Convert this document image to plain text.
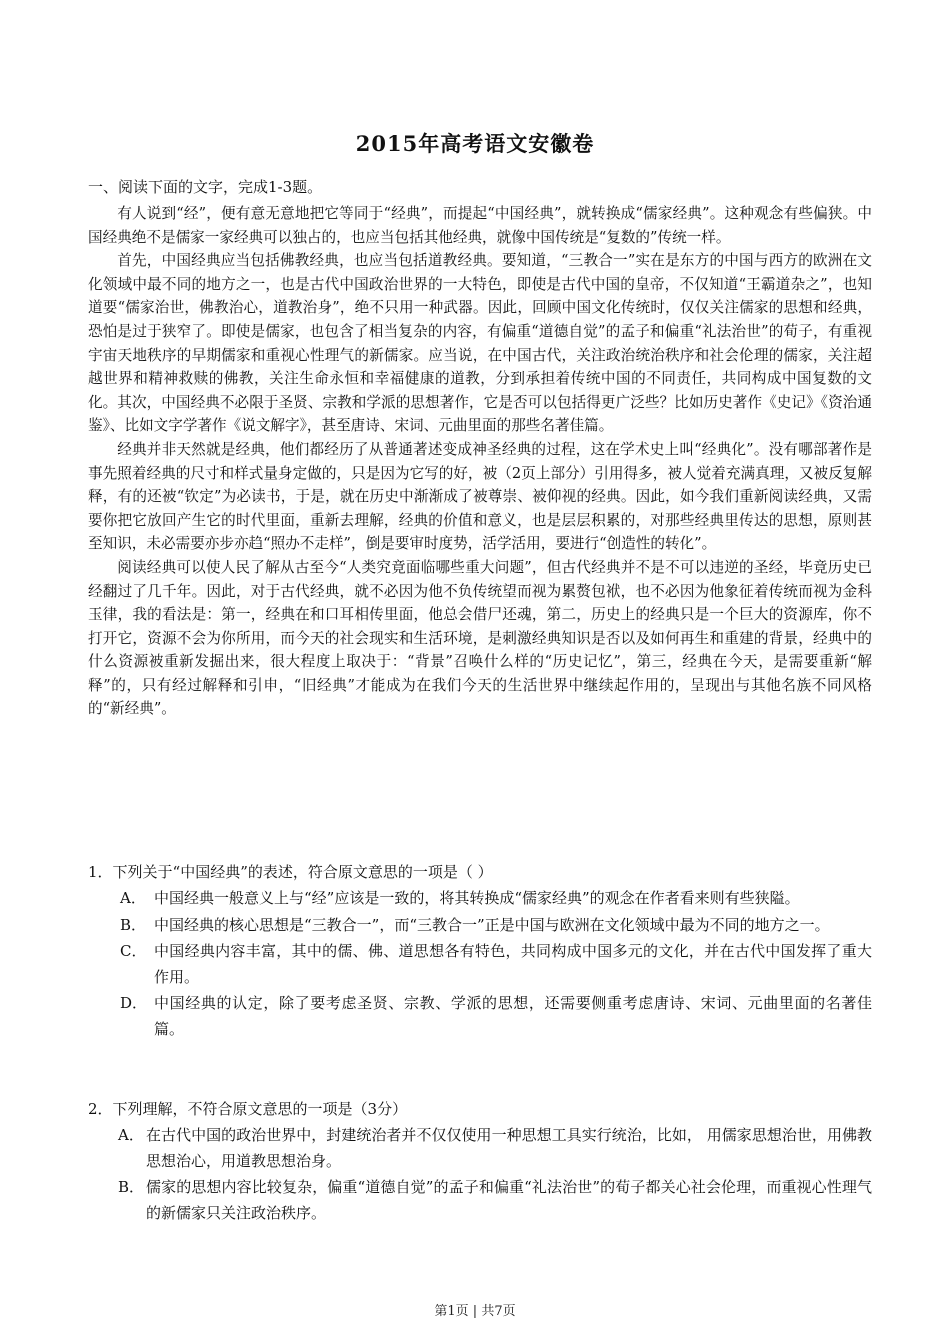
2015年高考语文安徽卷
一、阅读下面的文字，完成1-3题。

有人说到“经”，便有意无意地把它等同于“经典”，而提起“中国经典”，就转换成“儒家经典”。这种观念有些偏狭。中国经典绝不是儒家一家经典可以独占的，也应当包括其他经典，就像中国传统是“复数的”传统一样。

首先，中国经典应当包括佛教经典，也应当包括道教经典。要知道，“三教合一”实在是东方的中国与西方的欧洲在文化领域中最不同的地方之一，也是古代中国政治世界的一大特色，即使是古代中国的皇帝，不仅知道“王霸道杂之”，也知道要“儒家治世，佛教治心，道教治身”，绝不只用一种武器。因此，回顾中国文化传统时，仅仅关注儒家的思想和经典，恐怕是过于狭窄了。即使是儒家，也包含了相当复杂的内容，有偏重“道德自觉”的孟子和偏重“礼法治世”的荀子，有重视宇宙天地秩序的早期儒家和重视心性理气的新儒家。应当说，在中国古代，关注政治统治秩序和社会伦理的儒家，关注超越世界和精神救赎的佛教，关注生命永恒和幸福健康的道教，分到承担着传统中国的不同责任，共同构成中国复数的文化。其次，中国经典不必限于圣贤、宗教和学派的思想著作，它是否可以包括得更广泛些？比如历史著作《史记》《资治通鉴》、比如文字学著作《说文解字》，甚至唐诗、宋词、元曲里面的那些名著佳篇。

经典并非天然就是经典，他们都经历了从普通著述变成神圣经典的过程，这在学术史上叫“经典化”。没有哪部著作是事先照着经典的尺寸和样式量身定做的，只是因为它写的好，被（2页上部分）引用得多，被人觉着充满真理，又被反复解释，有的还被“钦定”为必读书，于是，就在历史中渐渐成了被尊崇、被仰视的经典。因此，如今我们重新阅读经典，又需要你把它放回产生它的时代里面，重新去理解，经典的价值和意义，也是层层积累的，对那些经典里传达的思想，原则甚至知识，未必需要亦步亦趋“照办不走样”，倒是要审时度势，活学活用，要进行“创造性的转化”。

阅读经典可以使人民了解从古至今“人类究竟面临哪些重大问题”，但古代经典并不是不可以违逆的圣经，毕竟历史已经翻过了几千年。因此，对于古代经典，就不必因为他不负传统望而视为累赘包袱，也不必因为他象征着传统而视为金科玉律，我的看法是：第一，经典在和口耳相传里面，他总会借尸还魂，第二，历史上的经典只是一个巨大的资源库，你不打开它，资源不会为你所用，而今天的社会现实和生活环境，是刺激经典知识是否以及如何再生和重建的背景，经典中的什么资源被重新发掘出来，很大程度上取决于：“背景”召唤什么样的“历史记忆”，第三，经典在今天，是需要重新“解释”的，只有经过解释和引申，“旧经典”才能成为在我们今天的生活世界中继续起作用的，呈现出与其他名族不同风格的“新经典”。

1．下列关于“中国经典”的表述，符合原文意思的一项是（ ）
A． 中国经典一般意义上与“经”应该是一致的，将其转换成“儒家经典”的观念在作者看来则有些狭隘。
B． 中国经典的核心思想是“三教合一”，而“三教合一”正是中国与欧洲在文化领域中最为不同的地方之一。
C． 中国经典内容丰富，其中的儒、佛、道思想各有特色，共同构成中国多元的文化，并在古代中国发挥了重大作用。
D． 中国经典的认定，除了要考虑圣贤、宗教、学派的思想，还需要侧重考虑唐诗、宋词、元曲里面的名著佳篇。
2．下列理解，不符合原文意思的一项是（3分）
A． 在古代中国的政治世界中，封建统治者并不仅仅使用一种思想工具实行统治，比如， 用儒家思想治世，用佛教思想治心，用道教思想治身。
B． 儒家的思想内容比较复杂，偏重“道德自觉”的孟子和偏重“礼法治世”的荀子都关心社会伦理，而重视心性理气的新儒家只关注政治秩序。
第1页 | 共7页
